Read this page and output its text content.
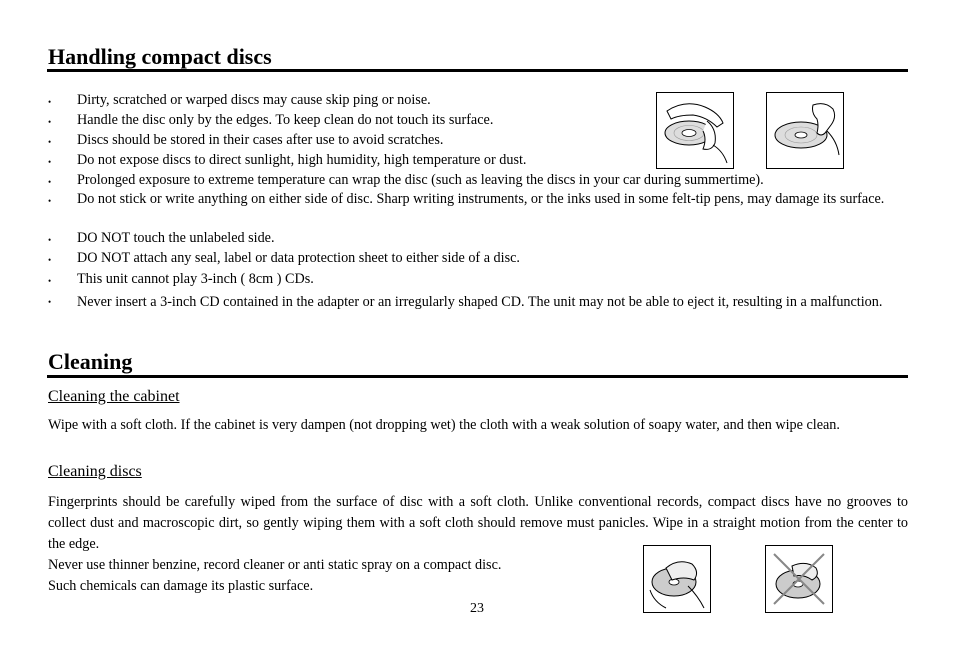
Handling compact discs
• Dirty, scratched or warped discs may cause skip ping or noise.
• Handle the disc only by the edges. To keep clean do not touch its surface.
• Discs should be stored in their cases after use to avoid scratches.
• Do not expose discs to direct sunlight, high humidity, high temperature or dust.
• Prolonged exposure to extreme temperature can wrap the disc (such as leaving the discs in your car during summertime).
• Do not stick or write anything on either side of disc. Sharp writing instruments, or the inks used in some felt-tip pens, may damage its surface.
• DO NOT touch the unlabeled side.
• DO NOT attach any seal, label or data protection sheet to either side of a disc.
• This unit cannot play 3-inch ( 8cm ) CDs.
• Never insert a 3-inch CD contained in the adapter or an irregularly shaped CD. The unit may not be able to eject it, resulting in a malfunction.
Cleaning
Cleaning the cabinet

Wipe with a soft cloth. If the cabinet is very dampen (not dropping wet) the cloth with a weak solution of soapy water, and then wipe clean.

Cleaning discs

Fingerprints should be carefully wiped from the surface of disc with a soft cloth. Unlike conventional records, compact discs have no grooves to collect dust and macroscopic dirt, so gently wiping them with a soft cloth should remove must panicles. Wipe in a straight motion from the center to the edge.

Never use thinner benzine, record cleaner or anti static spray on a compact disc.

Such chemicals can damage its plastic surface.

23
